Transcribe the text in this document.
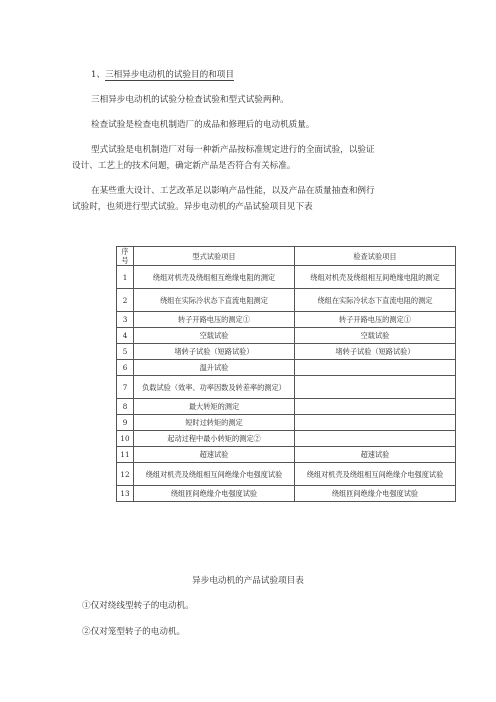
1、三相异步电动机的试验目的和项目
三相异步电动机的试验分检查试验和型式试验两种。
检查试验是检查电机制造厂的成品和修理后的电动机质量。
型式试验是电机制造厂对每一种新产品按标准规定进行的全面试验，以验证
设计、工艺上的技术问题，确定新产品是否符合有关标准。
在某些重大设计、工艺改革足以影响产品性能，以及产品在质量抽查和例行
试验时，也须进行型式试验。异步电动机的产品试验项目见下表
序号	型式试验项目	检查试验项目
1	绕组对机壳及绕组相互绝缘电阻的测定	绕组对机壳及绕组相互间绝缘电阻的测定
2	绕组在实际冷状态下直流电阻测定	绕组在实际冷状态下直流电阻的测定
3	转子开路电压的测定①	转子开路电压的测定①
4	空载试验	空载试验
5	堵转子试验（短路试验）	堵转子试验（短路试验）
6	温升试验	
7	负载试验（效率、功率因数及转差率的测定）	
8	最大转矩的测定	
9	短时过转矩的测定	
10	起动过程中最小转矩的测定②	
11	超速试验	超速试验
12	绕组对机壳及绕组相互间绝缘介电强度试验	绕组对机壳及绕组相互间绝缘介电强度试验
13	绕组匝间绝缘介电强度试验	绕组匝间绝缘介电强度试验
异步电动机的产品试验项目表
①仅对绕线型转子的电动机。
②仅对笼型转子的电动机。
